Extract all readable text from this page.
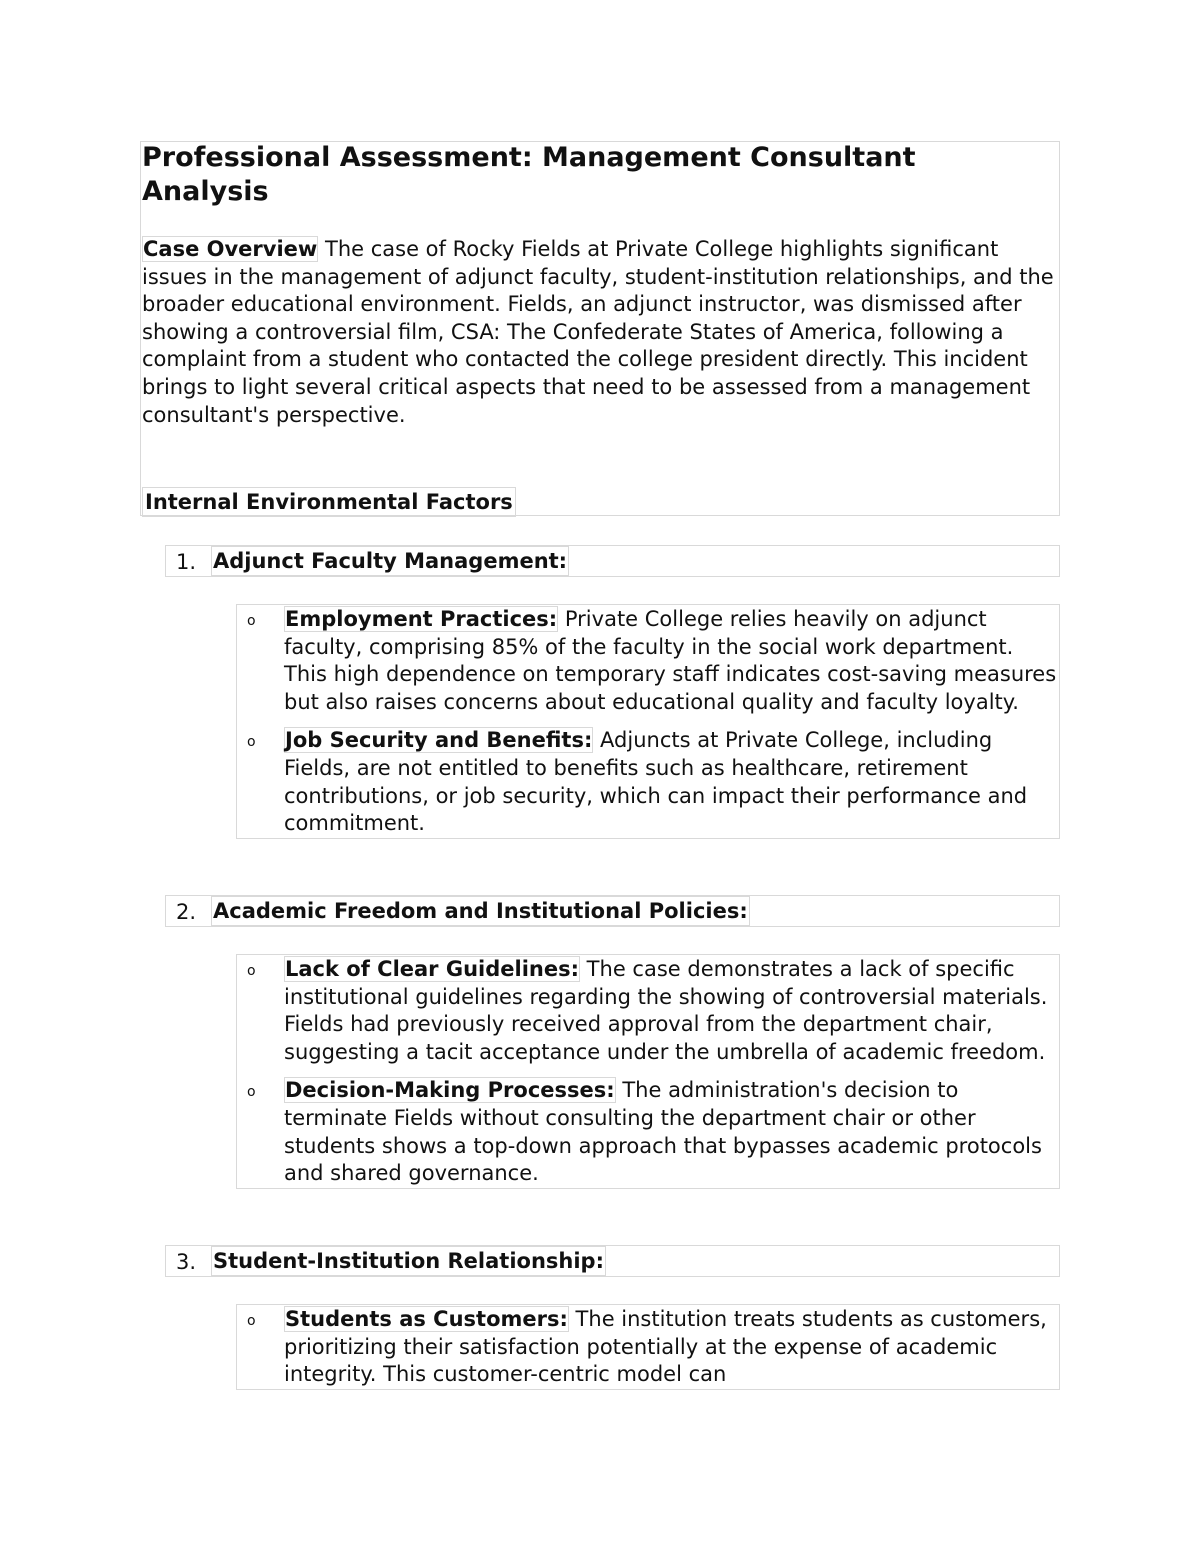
Professional Assessment: Management Consultant Analysis

Case Overview The case of Rocky Fields at Private College highlights significant issues in the management of adjunct faculty, student-institution relationships, and the broader educational environment. Fields, an adjunct instructor, was dismissed after showing a controversial film, CSA: The Confederate States of America, following a complaint from a student who contacted the college president directly. This incident brings to light several critical aspects that need to be assessed from a management consultant's perspective.

Internal Environmental Factors
1. Adjunct Faculty Management:
o Employment Practices: Private College relies heavily on adjunct faculty, comprising 85% of the faculty in the social work department. This high dependence on temporary staff indicates cost-saving measures but also raises concerns about educational quality and faculty loyalty.
o Job Security and Benefits: Adjuncts at Private College, including Fields, are not entitled to benefits such as healthcare, retirement contributions, or job security, which can impact their performance and commitment.
2. Academic Freedom and Institutional Policies:
o Lack of Clear Guidelines: The case demonstrates a lack of specific institutional guidelines regarding the showing of controversial materials. Fields had previously received approval from the department chair, suggesting a tacit acceptance under the umbrella of academic freedom.
o Decision-Making Processes: The administration's decision to terminate Fields without consulting the department chair or other students shows a top-down approach that bypasses academic protocols and shared governance.
3. Student-Institution Relationship:
o Students as Customers: The institution treats students as customers, prioritizing their satisfaction potentially at the expense of academic integrity. This customer-centric model can
